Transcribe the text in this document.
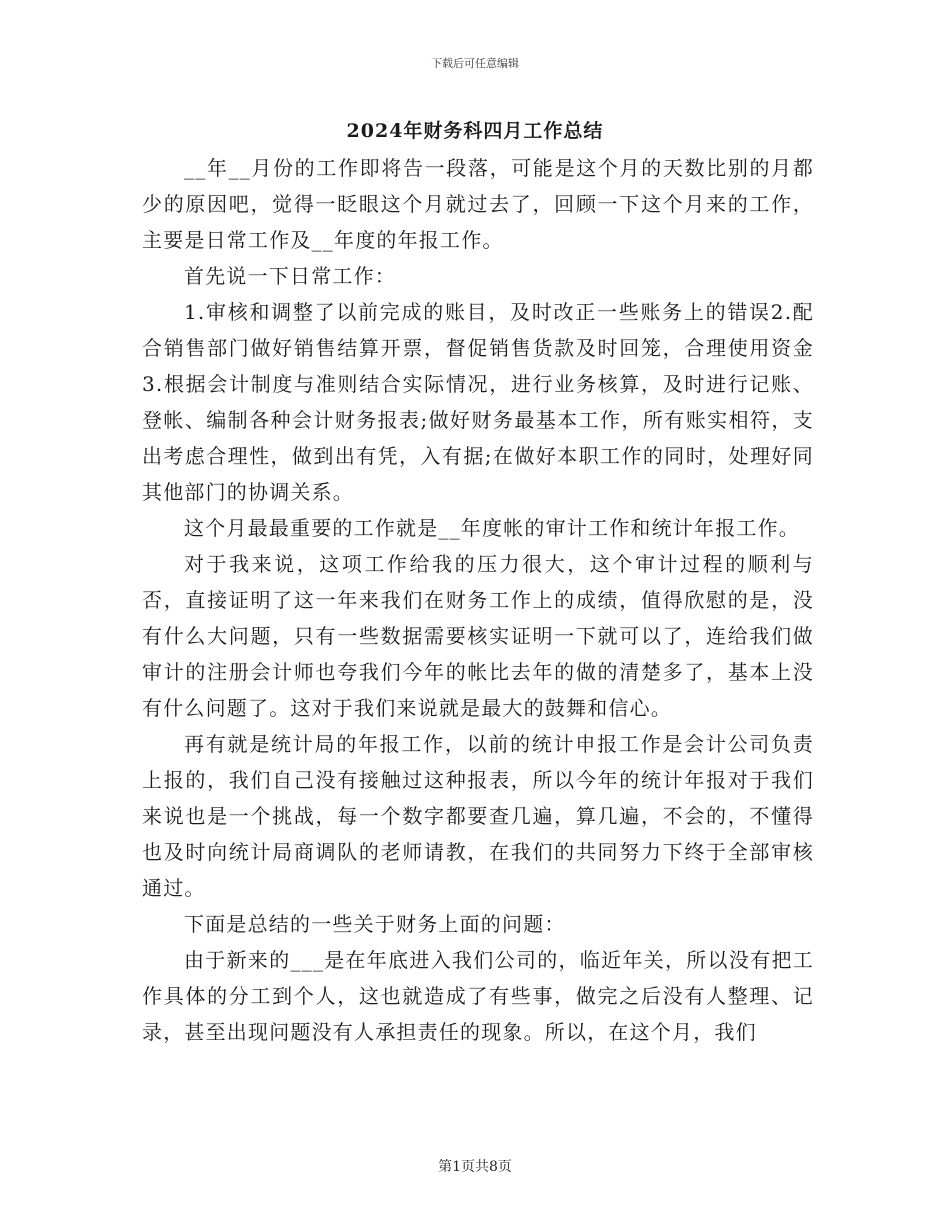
下载后可任意编辑
2024年财务科四月工作总结

__年__月份的工作即将告一段落，可能是这个月的天数比别的月都少的原因吧，觉得一眨眼这个月就过去了，回顾一下这个月来的工作，主要是日常工作及__年度的年报工作。

首先说一下日常工作：

1.审核和调整了以前完成的账目，及时改正一些账务上的错误2.配合销售部门做好销售结算开票，督促销售货款及时回笼，合理使用资金3.根据会计制度与准则结合实际情况，进行业务核算，及时进行记账、登帐、编制各种会计财务报表;做好财务最基本工作，所有账实相符，支出考虑合理性，做到出有凭，入有据;在做好本职工作的同时，处理好同其他部门的协调关系。

这个月最最重要的工作就是__年度帐的审计工作和统计年报工作。

对于我来说，这项工作给我的压力很大，这个审计过程的顺利与否，直接证明了这一年来我们在财务工作上的成绩，值得欣慰的是，没有什么大问题，只有一些数据需要核实证明一下就可以了，连给我们做审计的注册会计师也夸我们今年的帐比去年的做的清楚多了，基本上没有什么问题了。这对于我们来说就是最大的鼓舞和信心。

再有就是统计局的年报工作，以前的统计申报工作是会计公司负责上报的，我们自己没有接触过这种报表，所以今年的统计年报对于我们来说也是一个挑战，每一个数字都要查几遍，算几遍，不会的，不懂得也及时向统计局商调队的老师请教，在我们的共同努力下终于全部审核通过。

下面是总结的一些关于财务上面的问题：

由于新来的___是在年底进入我们公司的，临近年关，所以没有把工作具体的分工到个人，这也就造成了有些事，做完之后没有人整理、记录，甚至出现问题没有人承担责任的现象。所以，在这个月，我们

第1页共8页
